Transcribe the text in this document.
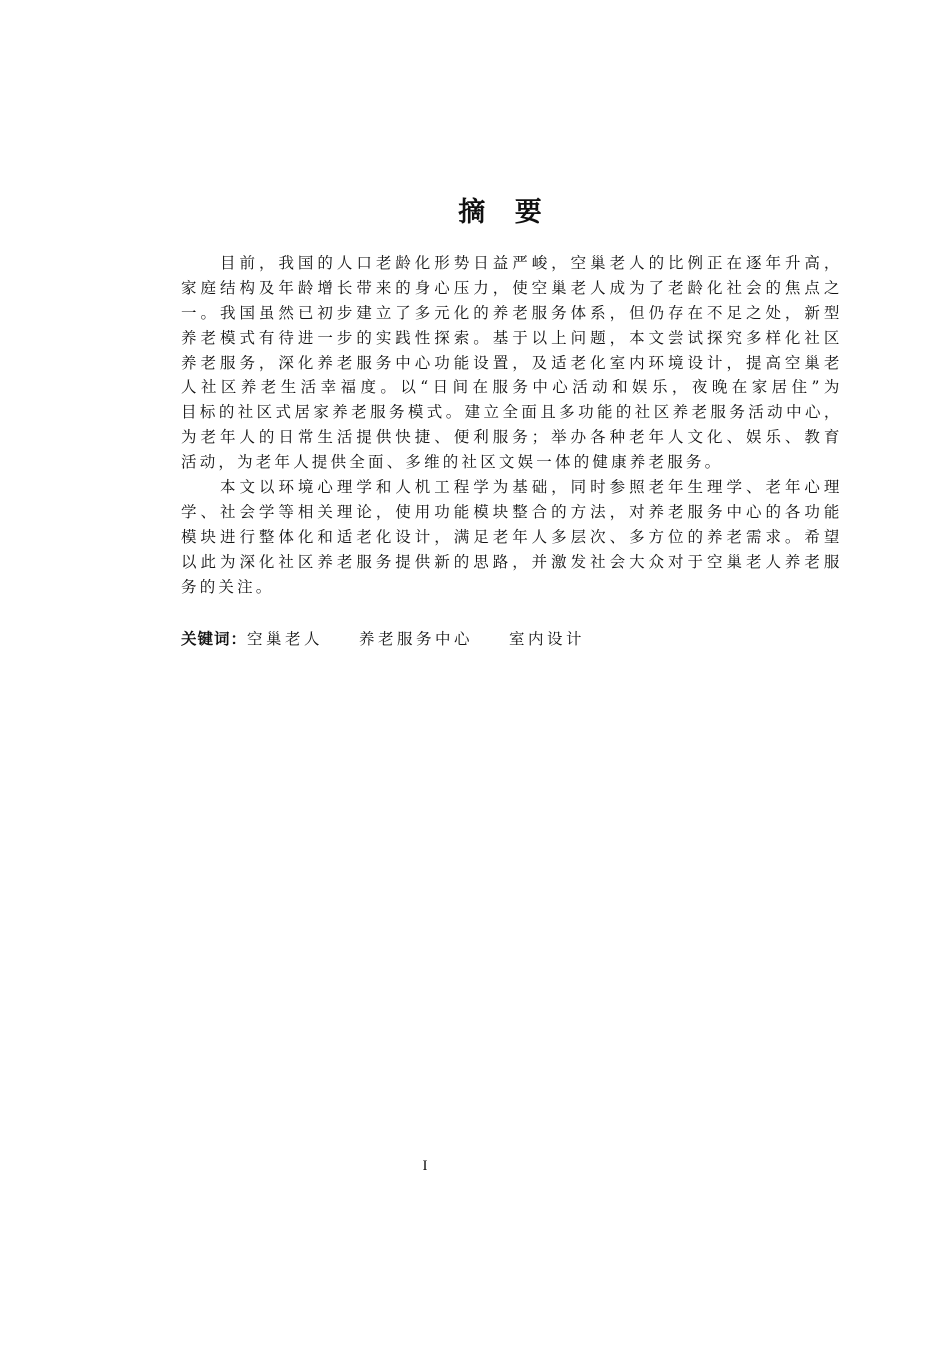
摘 要
目前，我国的人口老龄化形势日益严峻，空巢老人的比例正在逐年升高，
家庭结构及年龄增长带来的身心压力，使空巢老人成为了老龄化社会的焦点之
一。我国虽然已初步建立了多元化的养老服务体系，但仍存在不足之处，新型
养老模式有待进一步的实践性探索。基于以上问题，本文尝试探究多样化社区
养老服务，深化养老服务中心功能设置，及适老化室内环境设计，提高空巢老
人社区养老生活幸福度。以“日间在服务中心活动和娱乐，夜晚在家居住”为
目标的社区式居家养老服务模式。建立全面且多功能的社区养老服务活动中心，
为老年人的日常生活提供快捷、便利服务；举办各种老年人文化、娱乐、教育
活动，为老年人提供全面、多维的社区文娱一体的健康养老服务。
本文以环境心理学和人机工程学为基础，同时参照老年生理学、老年心理
学、社会学等相关理论，使用功能模块整合的方法，对养老服务中心的各功能
模块进行整体化和适老化设计，满足老年人多层次、多方位的养老需求。希望
以此为深化社区养老服务提供新的思路，并激发社会大众对于空巢老人养老服
务的关注。
关键词：空巢老人 养老服务中心 室内设计
I
